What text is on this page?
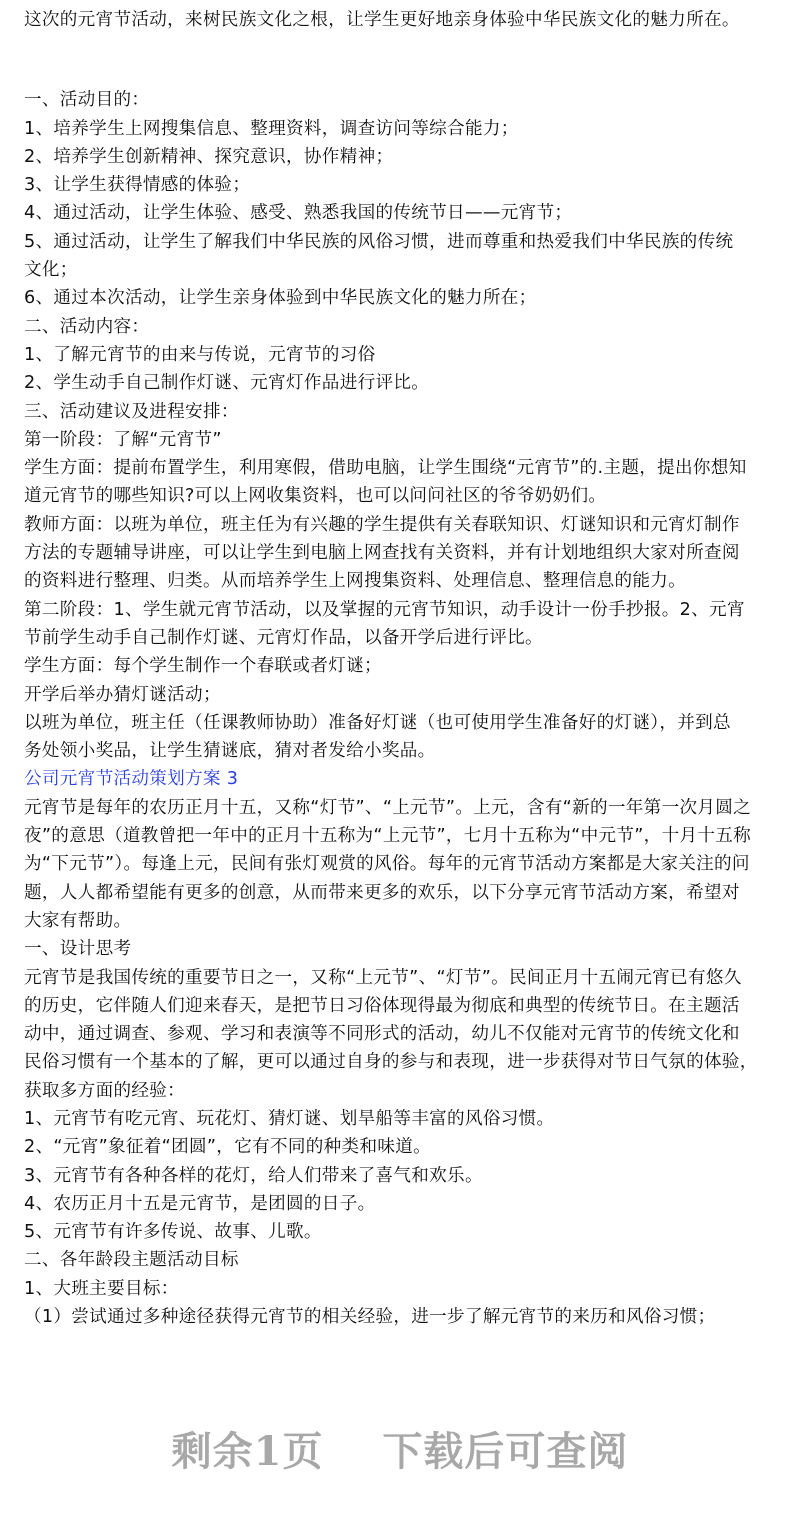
这次的元宵节活动，来树民族文化之根，让学生更好地亲身体验中华民族文化的魅力所在。
一、活动目的：
1、培养学生上网搜集信息、整理资料，调查访问等综合能力；
2、培养学生创新精神、探究意识，协作精神；
3、让学生获得情感的体验；
4、通过活动，让学生体验、感受、熟悉我国的传统节日——元宵节；
5、通过活动，让学生了解我们中华民族的风俗习惯，进而尊重和热爱我们中华民族的传统
文化；
6、通过本次活动，让学生亲身体验到中华民族文化的魅力所在；
二、活动内容：
1、了解元宵节的由来与传说，元宵节的习俗
2、学生动手自己制作灯谜、元宵灯作品进行评比。
三、活动建议及进程安排：
第一阶段：了解“元宵节”
学生方面：提前布置学生，利用寒假，借助电脑，让学生围绕“元宵节”的.主题，提出你想知
道元宵节的哪些知识?可以上网收集资料，也可以问问社区的爷爷奶奶们。
教师方面：以班为单位，班主任为有兴趣的学生提供有关春联知识、灯谜知识和元宵灯制作
方法的专题辅导讲座，可以让学生到电脑上网查找有关资料，并有计划地组织大家对所查阅
的资料进行整理、归类。从而培养学生上网搜集资料、处理信息、整理信息的能力。
第二阶段：1、学生就元宵节活动，以及掌握的元宵节知识，动手设计一份手抄报。2、元宵
节前学生动手自己制作灯谜、元宵灯作品，以备开学后进行评比。
学生方面：每个学生制作一个春联或者灯谜；
开学后举办猜灯谜活动；
以班为单位，班主任（任课教师协助）准备好灯谜（也可使用学生准备好的灯谜），并到总
务处领小奖品，让学生猜谜底，猜对者发给小奖品。
公司元宵节活动策划方案 3
元宵节是每年的农历正月十五，又称“灯节”、“上元节”。上元，含有“新的一年第一次月圆之
夜”的意思（道教曾把一年中的正月十五称为“上元节”，七月十五称为“中元节”，十月十五称
为“下元节”）。每逢上元，民间有张灯观赏的风俗。每年的元宵节活动方案都是大家关注的问
题，人人都希望能有更多的创意，从而带来更多的欢乐，以下分享元宵节活动方案，希望对
大家有帮助。
一、设计思考
元宵节是我国传统的重要节日之一，又称“上元节”、“灯节”。民间正月十五闹元宵已有悠久
的历史，它伴随人们迎来春天，是把节日习俗体现得最为彻底和典型的传统节日。在主题活
动中，通过调查、参观、学习和表演等不同形式的活动，幼儿不仅能对元宵节的传统文化和
民俗习惯有一个基本的了解，更可以通过自身的参与和表现，进一步获得对节日气氛的体验，
获取多方面的经验：
1、元宵节有吃元宵、玩花灯、猜灯谜、划旱船等丰富的风俗习惯。
2、“元宵”象征着“团圆”，它有不同的种类和味道。
3、元宵节有各种各样的花灯，给人们带来了喜气和欢乐。
4、农历正月十五是元宵节，是团圆的日子。
5、元宵节有许多传说、故事、儿歌。
二、各年龄段主题活动目标
1、大班主要目标：
（1）尝试通过多种途径获得元宵节的相关经验，进一步了解元宵节的来历和风俗习惯；
剩余1页 下载后可查阅
